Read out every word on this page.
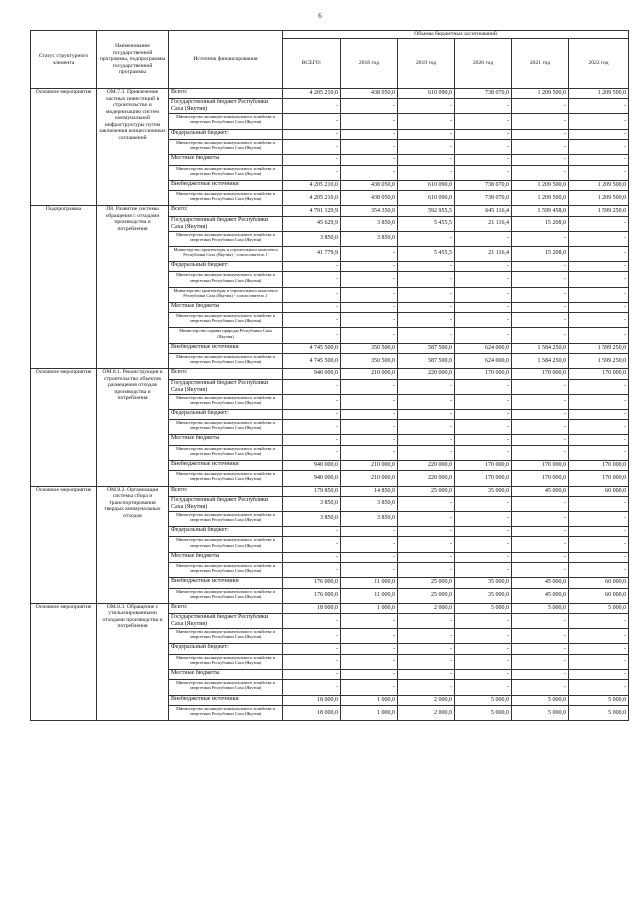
6
Статус структурного элемента	Наименование государственной программы, подпрограммы государственной программы	Источник финансирования	Объемы бюджетных ассигнований					
			ВСЕГО:	2018 год	2019 год	2020 год	2021 год	2022 год
Основное мероприятие	ОМ.7.3. Привлечение частных инвестиций в строительство и модернизацию систем коммунальной инфраструктуры путем заключения концессионных соглашений	Всего:	4 205 210,0	438 050,0	610 090,0	738 070,0	1 209 500,0	1 209 500,0
		Государственный бюджет Республики Саха (Якутия)	-	-	-	-	-	-
		Министерство жилищно-коммунального хозяйства и энергетики Республики Саха (Якутия)	-	-	-	-	-	-
		Федеральный бюджет:	-	-	-	-	-	-
		Министерство жилищно-коммунального хозяйства и энергетики Республики Саха (Якутия)	-	-	-	-	-	-
		Местные бюджеты	-	-	-	-	-	-
		Министерство жилищно-коммунального хозяйства и энергетики Республики Саха (Якутия)	-	-	-	-	-	-
		Внебюджетные источники	4 205 210,0	438 050,0	610 090,0	738 070,0	1 209 500,0	1 209 500,0
		Министерство жилищно-коммунального хозяйства и энергетики Республики Саха (Якутия)	4 205 210,0	438 050,0	610 090,0	738 070,0	1 209 500,0	1 209 500,0
Подпрограмма	П8. Развитие системы обращения с отходами производства и потребления	Всего:	4 791 129,9	354 350,0	592 955,5	645 116,4	1 599 458,0	1 599 250,0
		Государственный бюджет Республики Саха (Якутия)	45 629,9	3 850,0	5 455,5	21 116,4	15 208,0	-
		Министерство жилищно-коммунального хозяйства и энергетики Республики Саха (Якутия)	3 850,0	3 850,0	-	-	-	-
		Министерство архитектуры и строительного комплекса Республики Саха (Якутия) - соисполнитель 1	41 779,9	-	5 455,5	21 116,4	15 208,0	-
		Федеральный бюджет:	-	-	-	-	-	-
		Министерство жилищно-коммунального хозяйства и энергетики Республики Саха (Якутия)	-	-	-	-	-	-
		Министерство архитектуры и строительного комплекса Республики Саха (Якутия) - соисполнитель 1	-	-	-	-	-	-
		Местные бюджеты	-	-	-	-	-	-
		Министерство жилищно-коммунального хозяйства и энергетики Республики Саха (Якутия)	-	-	-	-	-	-
		Министерство охраны природы Республики Саха (Якутия)	-	-	-	-	-	-
		Внебюджетные источники	4 745 500,0	350 500,0	587 500,0	624 000,0	1 584 250,0	1 599 250,0
		Министерство жилищно-коммунального хозяйства и энергетики Республики Саха (Якутия)	4 745 500,0	350 500,0	587 500,0	624 000,0	1 584 250,0	1 599 250,0
Основное мероприятие	ОМ.8.1. Реконструкция и строительство объектов размещения отходов производства и потребления	Всего:	940 000,0	210 000,0	220 000,0	170 000,0	170 000,0	170 000,0
		Государственный бюджет Республики Саха (Якутия)	-	-	-	-	-	-
		Министерство жилищно-коммунального хозяйства и энергетики Республики Саха (Якутия)	-	-	-	-	-	-
		Федеральный бюджет:	-	-	-	-	-	-
		Министерство жилищно-коммунального хозяйства и энергетики Республики Саха (Якутия)	-	-	-	-	-	-
		Местные бюджеты	-	-	-	-	-	-
		Министерство жилищно-коммунального хозяйства и энергетики Республики Саха (Якутия)	-	-	-	-	-	-
		Внебюджетные источники	940 000,0	210 000,0	220 000,0	170 000,0	170 000,0	170 000,0
		Министерство жилищно-коммунального хозяйства и энергетики Республики Саха (Якутия)	940 000,0	210 000,0	220 000,0	170 000,0	170 000,0	170 000,0
Основное мероприятие	ОМ.8.2. Организация системы сбора и транспортирования твердых коммунальных отходов	Всего:	179 850,0	14 850,0	25 000,0	35 000,0	45 000,0	60 000,0
		Государственный бюджет Республики Саха (Якутия)	3 850,0	3 850,0	-	-	-	-
		Министерство жилищно-коммунального хозяйства и энергетики Республики Саха (Якутия)	3 850,0	3 850,0	-	-	-	-
		Федеральный бюджет:	-	-	-	-	-	-
		Министерство жилищно-коммунального хозяйства и энергетики Республики Саха (Якутия)	-	-	-	-	-	-
		Местные бюджеты	-	-	-	-	-	-
		Министерство жилищно-коммунального хозяйства и энергетики Республики Саха (Якутия)	-	-	-	-	-	-
		Внебюджетные источники	176 000,0	11 000,0	25 000,0	35 000,0	45 000,0	60 000,0
		Министерство жилищно-коммунального хозяйства и энергетики Республики Саха (Якутия)	176 000,0	11 000,0	25 000,0	35 000,0	45 000,0	60 000,0
Основное мероприятие	ОМ.8.3. Обращение с утильизированными отходами производства и потребления	Всего:	18 000,0	1 000,0	2 000,0	5 000,0	5 000,0	5 000,0
		Государственный бюджет Республики Саха (Якутия)	-	-	-	-	-	-
		Министерство жилищно-коммунального хозяйства и энергетики Республики Саха (Якутия)	-	-	-	-	-	-
		Федеральный бюджет:	-	-	-	-	-	-
		Министерство жилищно-коммунального хозяйства и энергетики Республики Саха (Якутия)	-	-	-	-	-	-
		Местные бюджеты	-	-	-	-	-	-
		Министерство жилищно-коммунального хозяйства и энергетики Республики Саха (Якутия)	-	-	-	-	-	-
		Внебюджетные источники	18 000,0	1 000,0	2 000,0	5 000,0	5 000,0	5 000,0
		Министерство жилищно-коммунального хозяйства и энергетики Республики Саха (Якутия)	18 000,0	1 000,0	2 000,0	5 000,0	5 000,0	5 000,0
